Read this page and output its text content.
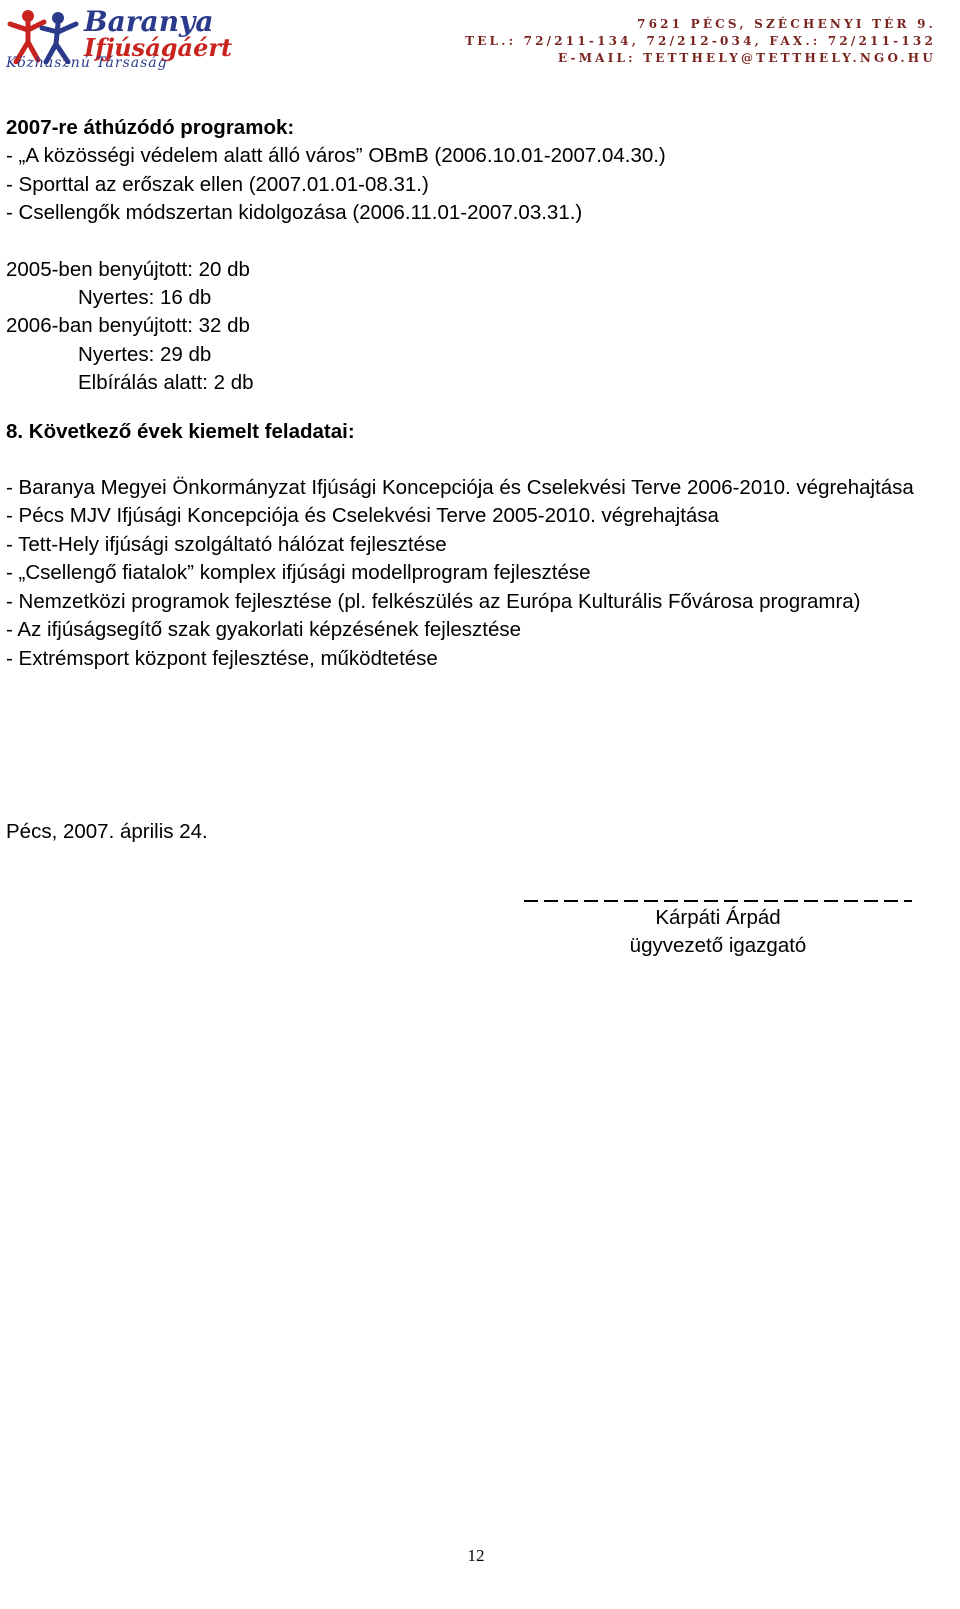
Baranya
Ifjúságáért
Közhasznú Társaság
7621 PÉCS, SZÉCHENYI TÉR 9.
TEL.: 72/211-134, 72/212-034, FAX.: 72/211-132
E-MAIL: TETTHELY@TETTHELY.NGO.HU

2007-re áthúzódó programok:

- „A közösségi védelem alatt álló város” OBmB (2006.10.01-2007.04.30.)

- Sporttal az erőszak ellen (2007.01.01-08.31.)

- Csellengők módszertan kidolgozása (2006.11.01-2007.03.31.)

2005-ben benyújtott: 20 db

Nyertes: 16 db

2006-ban benyújtott: 32 db

Nyertes: 29 db

Elbírálás alatt: 2 db

8. Következő évek kiemelt feladatai:

- Baranya Megyei Önkormányzat Ifjúsági Koncepciója és Cselekvési Terve 2006-2010. végrehajtása

- Pécs MJV Ifjúsági Koncepciója és Cselekvési Terve 2005-2010. végrehajtása

- Tett-Hely ifjúsági szolgáltató hálózat fejlesztése

- „Csellengő fiatalok” komplex ifjúsági modellprogram fejlesztése

- Nemzetközi programok fejlesztése (pl. felkészülés az Európa Kulturális Fővárosa programra)

- Az ifjúságsegítő szak gyakorlati képzésének fejlesztése

- Extrémsport központ fejlesztése, működtetése

Pécs, 2007. április 24.
Kárpáti Árpád
ügyvezető igazgató
12
